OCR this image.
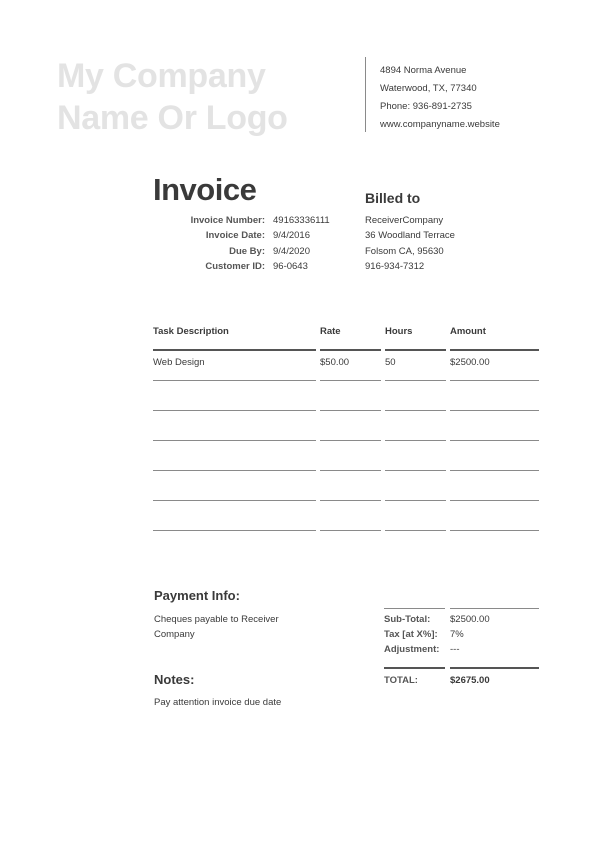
My Company
Name Or Logo
4894 Norma Avenue
Waterwood, TX, 77340
Phone: 936-891-2735
www.companyname.website
Invoice	Billed to
Invoice Number: 49163336111
Invoice Date: 9/4/2016
Due By: 9/4/2020
Customer ID: 96-0643
ReceiverCompany
36 Woodland Terrace
Folsom CA, 95630
916-934-7312
Task Description	Rate	Hours	Amount
Web Design	$50.00	50	$2500.00
Payment Info:
Cheques payable to Receiver Company
Notes:
Pay attention invoice due date
Sub-Total: $2500.00
Tax [at X%]: 7%
Adjustment: ---
TOTAL:	$2675.00
